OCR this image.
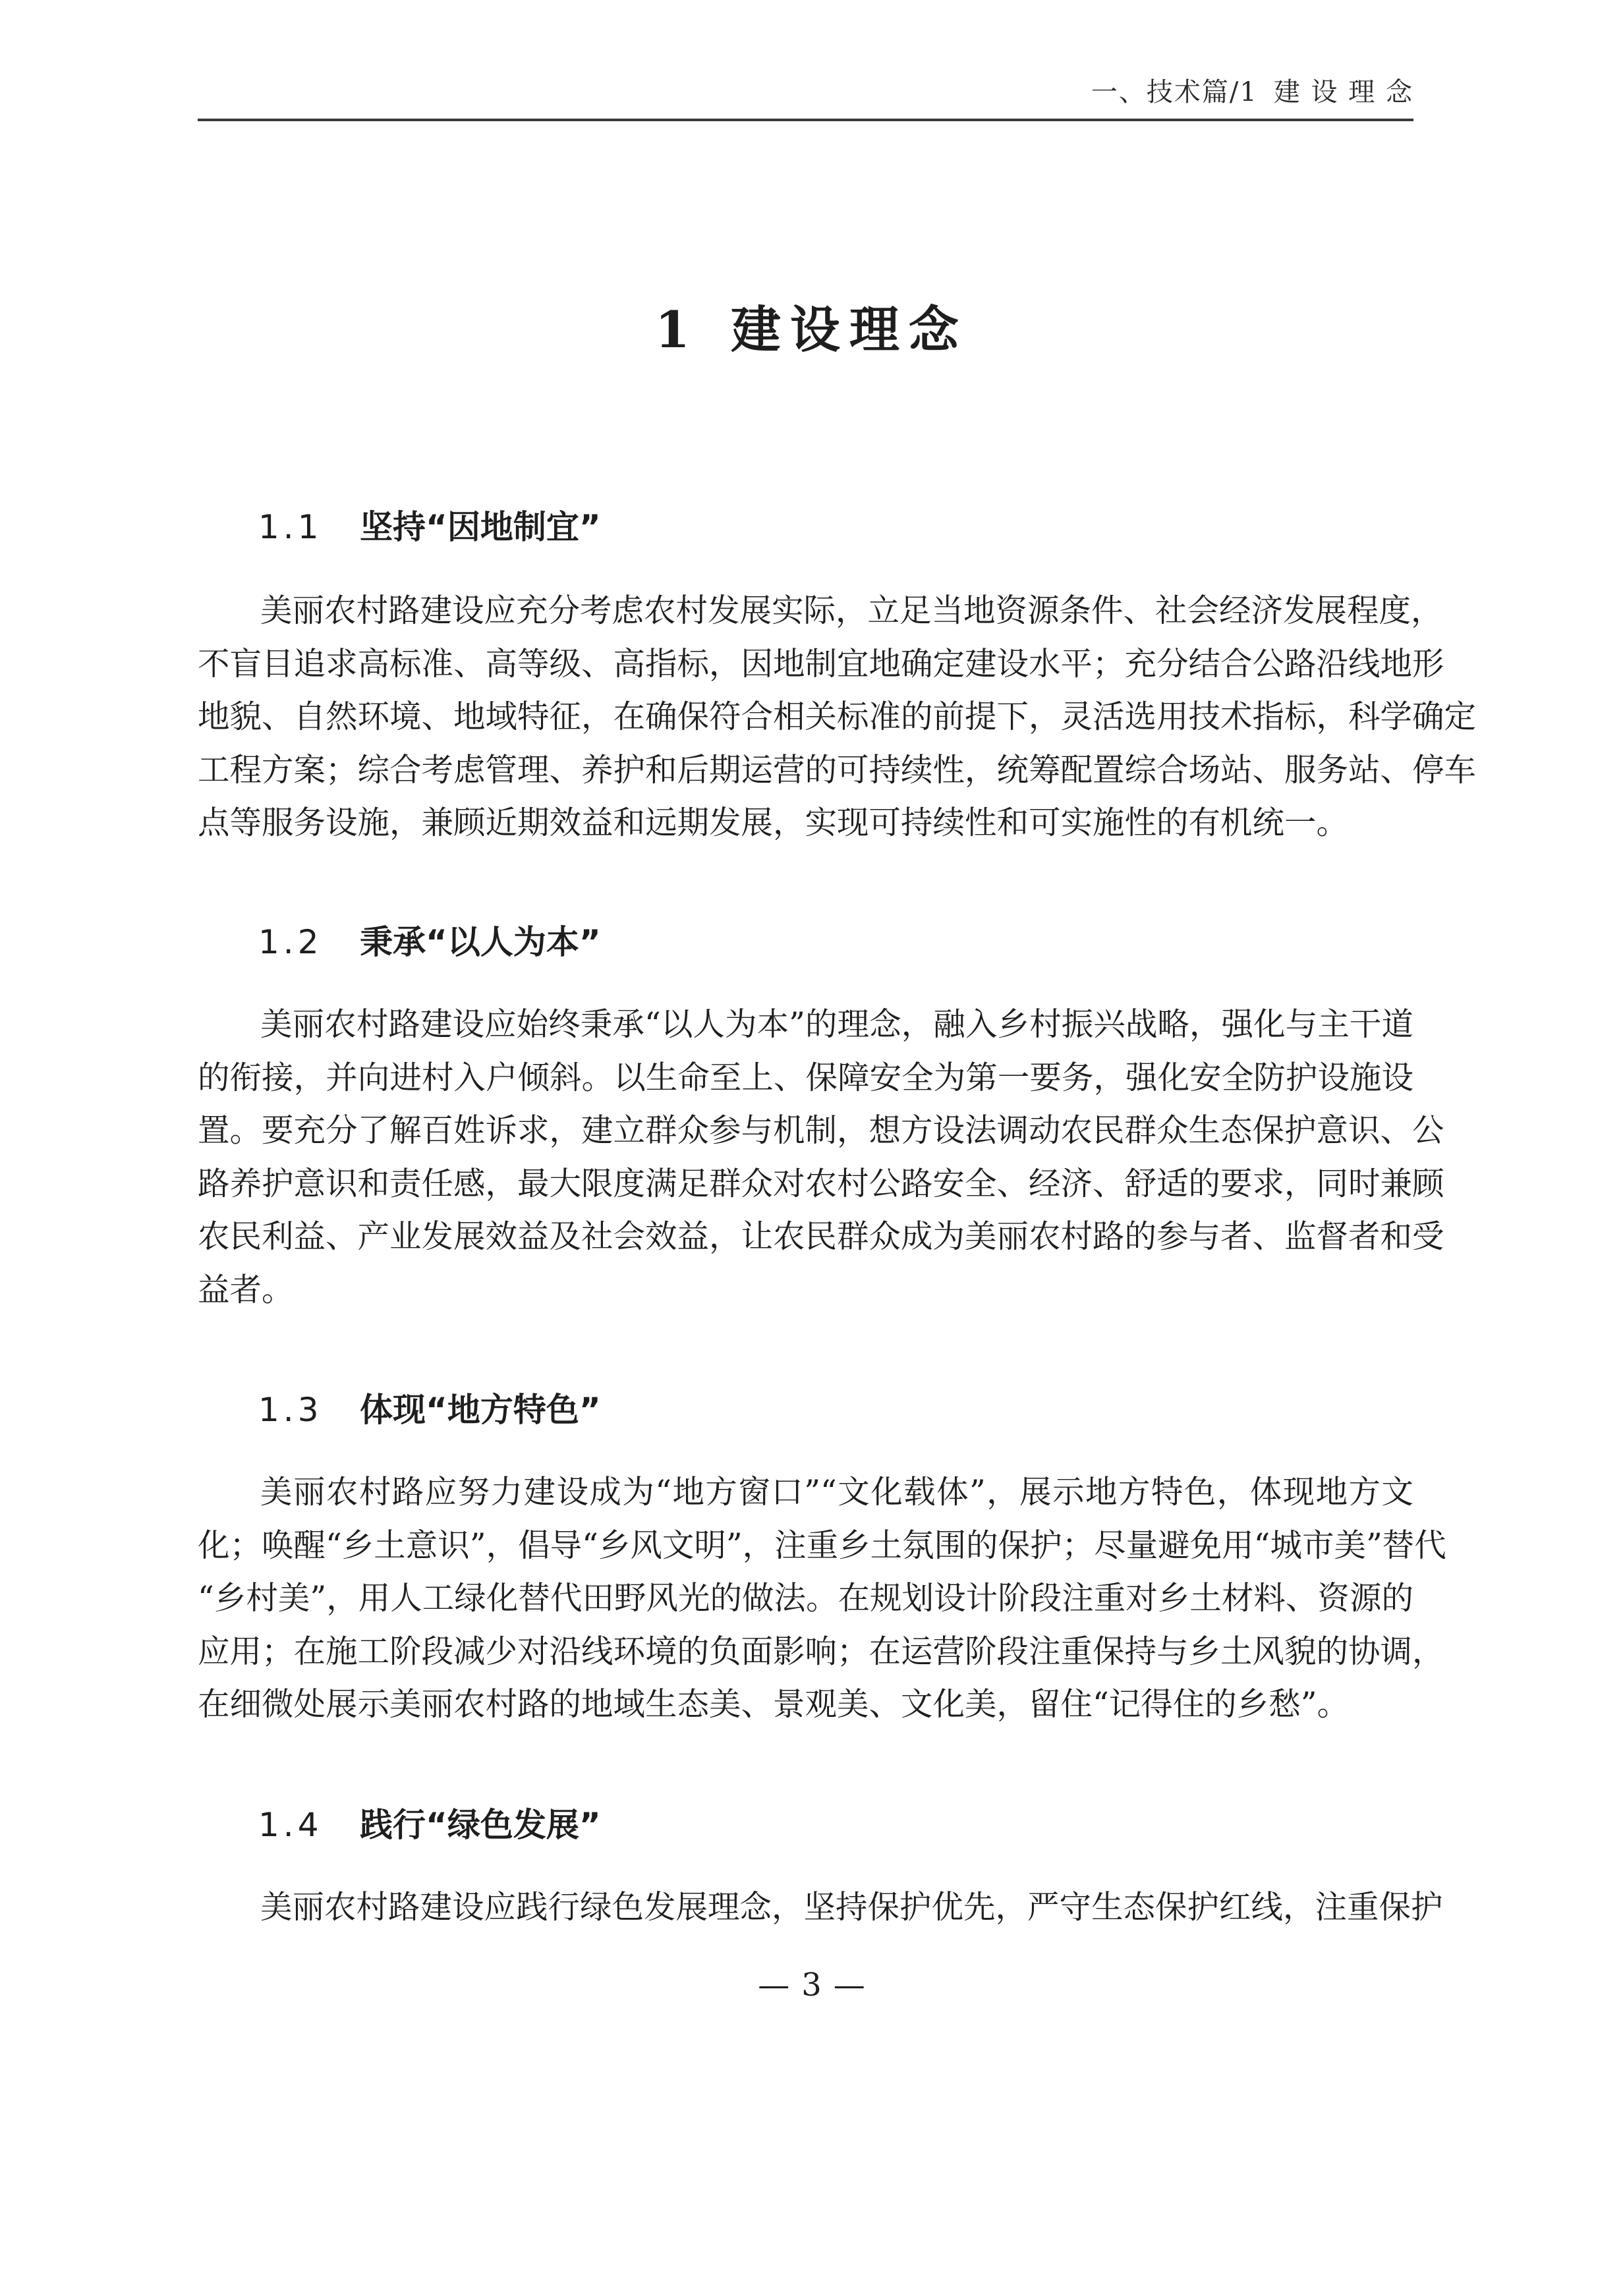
一、技术篇/1 建 设 理 念
1 建设理念
1.1 坚持“因地制宜”
美丽农村路建设应充分考虑农村发展实际，立足当地资源条件、社会经济发展程度，
不盲目追求高标准、高等级、高指标，因地制宜地确定建设水平；充分结合公路沿线地形
地貌、自然环境、地域特征，在确保符合相关标准的前提下，灵活选用技术指标，科学确定
工程方案；综合考虑管理、养护和后期运营的可持续性，统筹配置综合场站、服务站、停车
点等服务设施，兼顾近期效益和远期发展，实现可持续性和可实施性的有机统一。
1.2 秉承“以人为本”
美丽农村路建设应始终秉承“以人为本”的理念，融入乡村振兴战略，强化与主干道
的衔接，并向进村入户倾斜。以生命至上、保障安全为第一要务，强化安全防护设施设
置。要充分了解百姓诉求，建立群众参与机制，想方设法调动农民群众生态保护意识、公
路养护意识和责任感，最大限度满足群众对农村公路安全、经济、舒适的要求，同时兼顾
农民利益、产业发展效益及社会效益，让农民群众成为美丽农村路的参与者、监督者和受
益者。
1.3 体现“地方特色”
美丽农村路应努力建设成为“地方窗口”“文化载体”，展示地方特色，体现地方文
化；唤醒“乡土意识”，倡导“乡风文明”，注重乡土氛围的保护；尽量避免用“城市美”替代
“乡村美”，用人工绿化替代田野风光的做法。在规划设计阶段注重对乡土材料、资源的
应用；在施工阶段减少对沿线环境的负面影响；在运营阶段注重保持与乡土风貌的协调，
在细微处展示美丽农村路的地域生态美、景观美、文化美，留住“记得住的乡愁”。
1.4 践行“绿色发展”
美丽农村路建设应践行绿色发展理念，坚持保护优先，严守生态保护红线，注重保护
— 3 —
